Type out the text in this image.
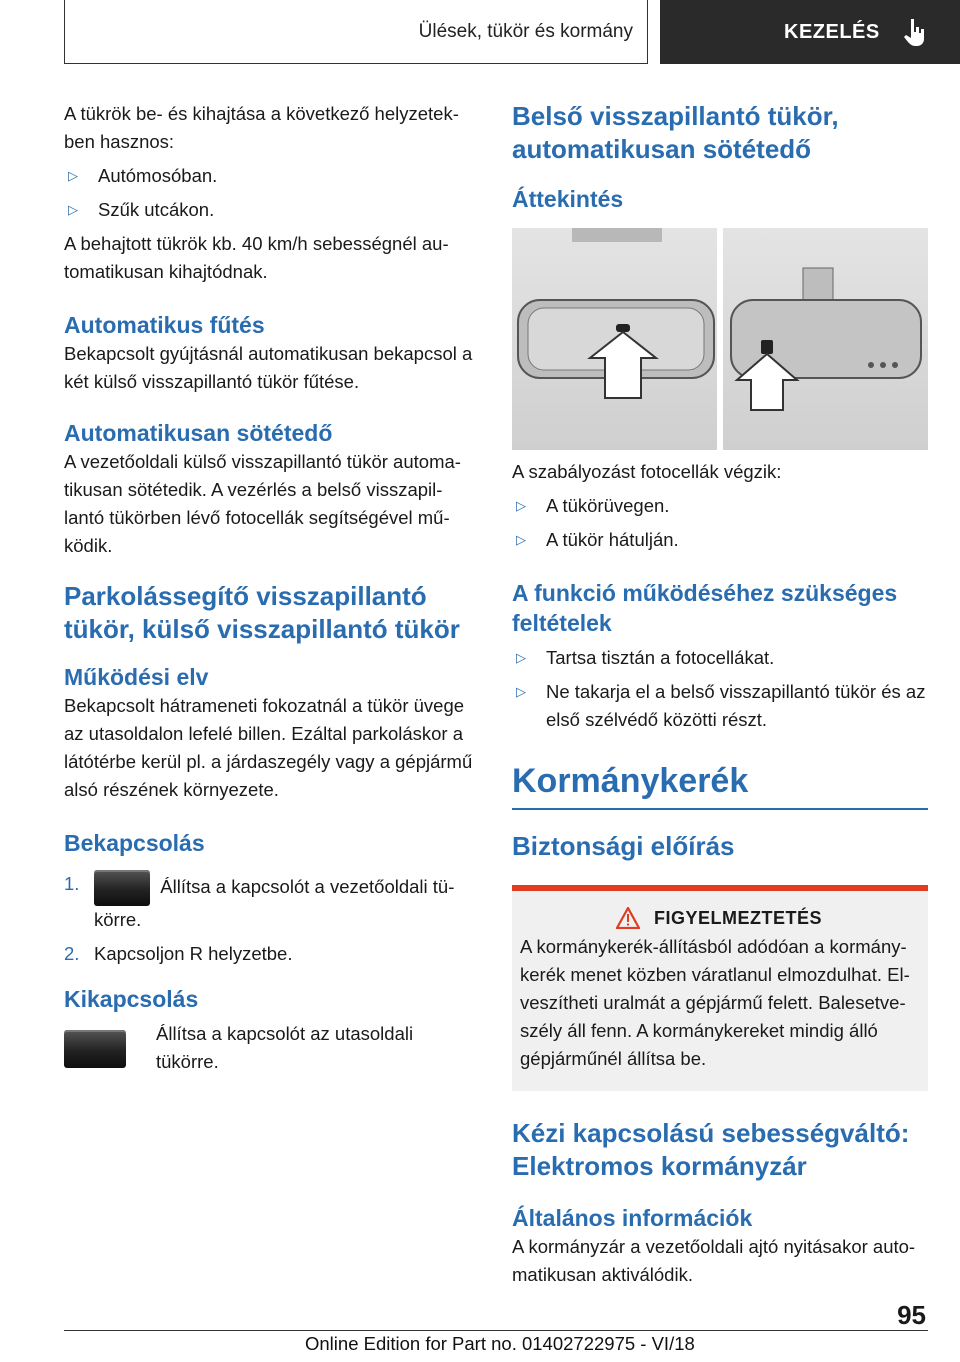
Ülések, tükör és kormány	KEZELÉS

A tükrök be- és kihajtása a következő helyzetek-ben hasznos:

▷	Autómosóban.
▷	Szűk utcákon.

A behajtott tükrök kb. 40 km/h sebességnél au-tomatikusan kihajtódnak.

Automatikus fűtés

Bekapcsolt gyújtásnál automatikusan bekapcsol a két külső visszapillantó tükör fűtése.

Automatikusan sötétedő

A vezetőoldali külső visszapillantó tükör automa-tikusan sötétedik. A vezérlés a belső visszapil-lantó tükörben lévő fotocellák segítségével mű-ködik.

Parkolássegítő visszapillantó tükör, külső visszapillantó tükör
Működési elv

Bekapcsolt hátrameneti fokozatnál a tükör üvege az utasoldalon lefelé billen. Ezáltal parkoláskor a látótérbe kerül pl. a járdaszegély vagy a gépjármű alsó részének környezete.

Bekapcsolás
1.	Állítsa a kapcsolót a vezetőoldali tü-körre.
2. Kapcsoljon R helyzetbe.
Kikapcsolás

Állítsa a kapcsolót az utasoldali tükörre.

Belső visszapillantó tükör, automatikusan sötétedő
Áttekintés

A szabályozást fotocellák végzik:

▷	A tükörüvegen.
▷	A tükör hátulján.
A funkció működéséhez szükséges feltételek
▷	Tartsa tisztán a fotocellákat.
▷	Ne takarja el a belső visszapillantó tükör és az első szélvédő közötti részt.
Kormánykerék
Biztonsági előírás
FIGYELMEZTETÉS

A kormánykerék-állításból adódóan a kormány-kerék menet közben váratlanul elmozdulhat. El-veszítheti uralmát a gépjármű felett. Balesetve-szély áll fenn. A kormánykereket mindig álló gépjárműnél állítsa be.

Kézi kapcsolású sebességváltó: Elektromos kormányzár
Általános információk

A kormányzár a vezetőoldali ajtó nyitásakor auto-matikusan aktiválódik.

95
Online Edition for Part no. 01402722975 - VI/18
